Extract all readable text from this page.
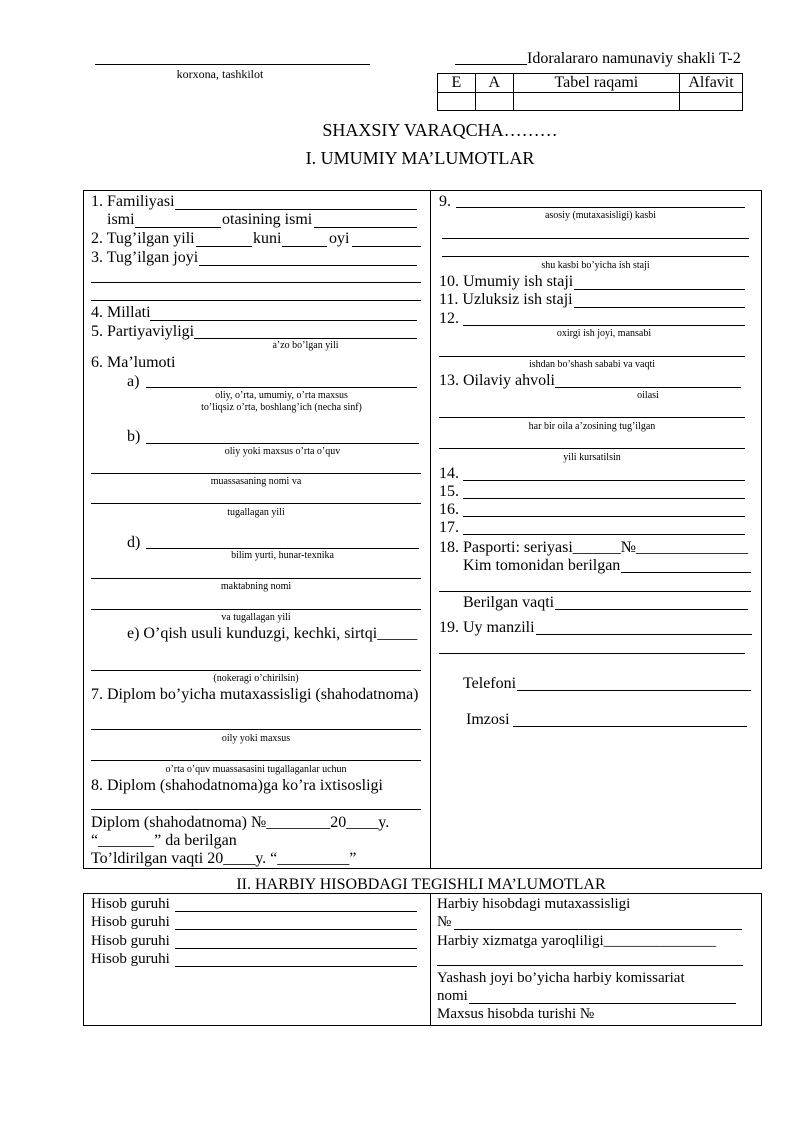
korxona, tashkilot
Idoralararo namunaviy shakli T-2
E	A	Tabel raqami	Alfavit

SHAXSIY VARAQCHA………
I. UMUMIY MA’LUMOTLAR
1. Familiyasi
ismi	otasining ismi
2. Tug’ilgan yili	kuni	oyi
3. Tug’ilgan joyi
4. Millati
5. Partiyaviyligi
a’zo bo’lgan yili
6. Ma’lumoti
a)
oliy, o’rta, umumiy, o’rta maxsus
to’liqsiz o’rta, boshlang’ich (necha sinf)
b)
oliy yoki maxsus o’rta o’quv
muassasaning nomi va
tugallagan yili
d)
bilim yurti, hunar-texnika
maktabning nomi
va tugallagan yili
e) O’qish usuli kunduzgi, kechki, sirtqi_____
(nokeragi o’chirilsin)
7. Diplom bo’yicha mutaxassisligi (shahodatnoma)
oily yoki maxsus
o’rta o’quv muassasasini tugallaganlar uchun
8. Diplom (shahodatnoma)ga ko’ra ixtisosligi
Diplom (shahodatnoma) №________20____y.
“_______” da berilgan
To’ldirilgan vaqti 20____y. “_________”
9.
asosiy (mutaxasisligi) kasbi
shu kasbi bo’yicha ish staji
10. Umumiy ish staji
11. Uzluksiz ish staji
12.
oxirgi ish joyi, mansabi
ishdan bo’shash sababi va vaqti
13. Oilaviy ahvoli
oilasi
har bir oila a’zosining tug’ilgan
yili kursatilsin
14.
15.
16.
17.
18. Pasporti: seriyasi______№______________
Kim tomonidan berilgan
Berilgan vaqti
19. Uy manzili
Telefoni
Imzosi
II. HARBIY HISOBDAGI TEGISHLI MA’LUMOTLAR
Hisob guruhi
Hisob guruhi
Hisob guruhi
Hisob guruhi
Harbiy hisobdagi mutaxassisligi
№
Harbiy xizmatga yaroqliligi_______________
Yashash joyi bo’yicha harbiy komissariat
nomi
Maxsus hisobda turishi №
